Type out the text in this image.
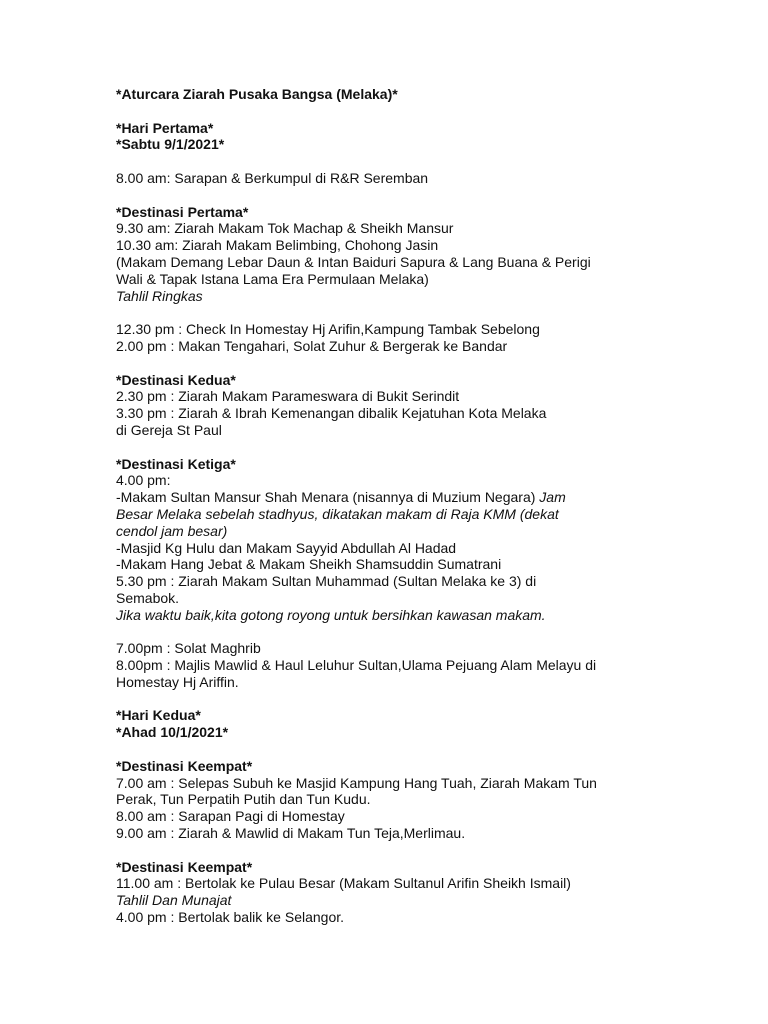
*Aturcara Ziarah Pusaka Bangsa (Melaka)*
*Hari Pertama*
*Sabtu 9/1/2021*
8.00 am: Sarapan & Berkumpul di R&R Seremban
*Destinasi Pertama*
9.30 am: Ziarah Makam Tok Machap & Sheikh Mansur
10.30 am: Ziarah Makam Belimbing, Chohong Jasin
(Makam Demang Lebar Daun & Intan Baiduri Sapura & Lang Buana & Perigi
Wali & Tapak Istana Lama Era Permulaan Melaka)
Tahlil Ringkas
12.30 pm : Check In Homestay Hj Arifin,Kampung Tambak Sebelong
2.00 pm : Makan Tengahari, Solat Zuhur & Bergerak ke Bandar
*Destinasi Kedua*
2.30 pm : Ziarah Makam Parameswara di Bukit Serindit
3.30 pm : Ziarah & Ibrah Kemenangan dibalik Kejatuhan Kota Melaka
di Gereja St Paul
*Destinasi Ketiga*
4.00 pm:
-Makam Sultan Mansur Shah Menara (nisannya di Muzium Negara) Jam
Besar Melaka sebelah stadhyus, dikatakan makam di Raja KMM (dekat
cendol jam besar)
-Masjid Kg Hulu dan Makam Sayyid Abdullah Al Hadad
-Makam Hang Jebat & Makam Sheikh Shamsuddin Sumatrani
5.30 pm : Ziarah Makam Sultan Muhammad (Sultan Melaka ke 3) di
Semabok.
Jika waktu baik,kita gotong royong untuk bersihkan kawasan makam.
7.00pm : Solat Maghrib
8.00pm : Majlis Mawlid & Haul Leluhur Sultan,Ulama Pejuang Alam Melayu di
Homestay Hj Ariffin.
*Hari Kedua*
*Ahad 10/1/2021*
*Destinasi Keempat*
7.00 am : Selepas Subuh ke Masjid Kampung Hang Tuah, Ziarah Makam Tun
Perak, Tun Perpatih Putih dan Tun Kudu.
8.00 am : Sarapan Pagi di Homestay
9.00 am : Ziarah & Mawlid di Makam Tun Teja,Merlimau.
*Destinasi Keempat*
11.00 am : Bertolak ke Pulau Besar (Makam Sultanul Arifin Sheikh Ismail)
Tahlil Dan Munajat
4.00 pm : Bertolak balik ke Selangor.
